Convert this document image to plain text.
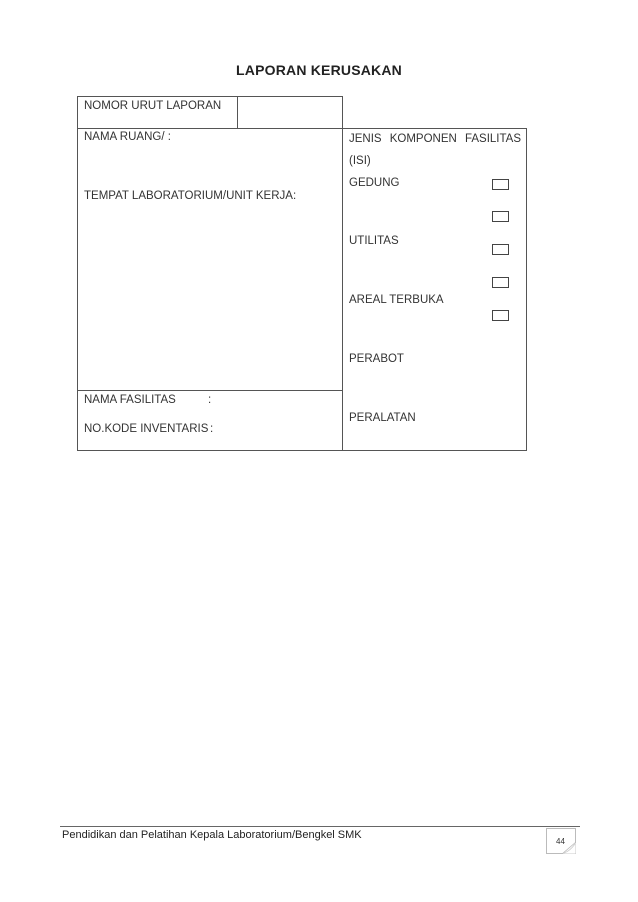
LAPORAN KERUSAKAN
NOMOR URUT LAPORAN
NAMA RUANG/ :
TEMPAT LABORATORIUM/UNIT KERJA:
NAMA FASILITAS	:
NO.KODE INVENTARIS :
JENIS KOMPONEN FASILITAS
(ISI)
GEDUNG
UTILITAS
AREAL TERBUKA
PERABOT
PERALATAN
Pendidikan dan Pelatihan Kepala Laboratorium/Bengkel SMK
44
